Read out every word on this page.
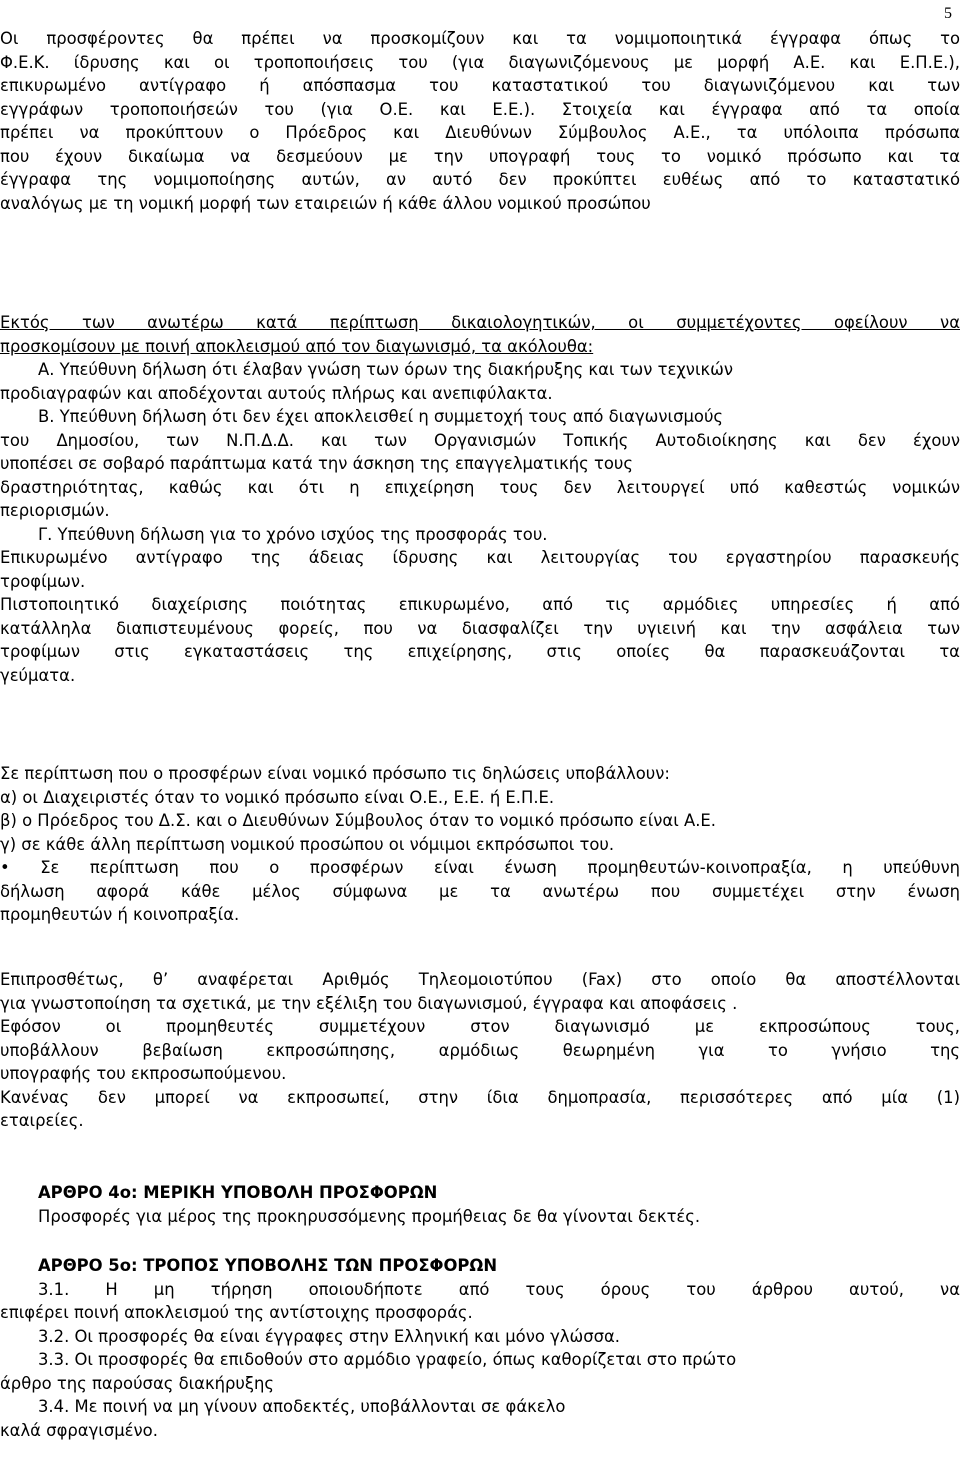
5
Οι προσφέροντες θα πρέπει να προσκομίζουν και τα νομιμοποιητικά έγγραφα όπως το
Φ.Ε.Κ. ίδρυσης και οι τροποποιήσεις του (για διαγωνιζόμενους με μορφή Α.Ε. και Ε.Π.Ε.),
επικυρωμένο αντίγραφο ή απόσπασμα του καταστατικού του διαγωνιζόμενου και των
εγγράφων τροποποιήσεών του (για Ο.Ε. και Ε.Ε.). Στοιχεία και έγγραφα από τα οποία
πρέπει να προκύπτουν ο Πρόεδρος και Διευθύνων Σύμβουλος Α.Ε., τα υπόλοιπα πρόσωπα
που έχουν δικαίωμα να δεσμεύουν με την υπογραφή τους το νομικό πρόσωπο και τα
έγγραφα της νομιμοποίησης αυτών, αν αυτό δεν προκύπτει ευθέως από το καταστατικό
αναλόγως με τη νομική μορφή των εταιρειών ή κάθε άλλου νομικού προσώπου
Εκτός των ανωτέρω κατά περίπτωση δικαιολογητικών, οι συμμετέχοντες οφείλουν να
προσκομίσουν με ποινή αποκλεισμού από τον διαγωνισμό, τα ακόλουθα:
Α. Υπεύθυνη δήλωση ότι έλαβαν γνώση των όρων της διακήρυξης και των τεχνικών
προδιαγραφών και αποδέχονται αυτούς πλήρως και ανεπιφύλακτα.
Β. Υπεύθυνη δήλωση ότι δεν έχει αποκλεισθεί η συμμετοχή τους από διαγωνισμούς
του Δημοσίου, των Ν.Π.Δ.Δ. και των Οργανισμών Τοπικής Αυτοδιοίκησης και δεν έχουν
υποπέσει σε σοβαρό παράπτωμα κατά την άσκηση της επαγγελματικής τους
δραστηριότητας, καθώς και ότι η επιχείρηση τους δεν λειτουργεί υπό καθεστώς νομικών
περιορισμών.
Γ. Υπεύθυνη δήλωση για το χρόνο ισχύος της προσφοράς του.
Επικυρωμένο αντίγραφο της άδειας ίδρυσης και λειτουργίας του εργαστηρίου παρασκευής
τροφίμων.
Πιστοποιητικό διαχείρισης ποιότητας επικυρωμένο, από τις αρμόδιες υπηρεσίες ή από
κατάλληλα διαπιστευμένους φορείς, που να διασφαλίζει την υγιεινή και την ασφάλεια των
τροφίμων στις εγκαταστάσεις της επιχείρησης, στις οποίες θα παρασκευάζονται τα
γεύματα.
Σε περίπτωση που ο προσφέρων είναι νομικό πρόσωπο τις δηλώσεις υποβάλλουν:
α) οι Διαχειριστές όταν το νομικό πρόσωπο είναι Ο.Ε., Ε.Ε. ή Ε.Π.Ε.
β) ο Πρόεδρος του Δ.Σ. και ο Διευθύνων Σύμβουλος όταν το νομικό πρόσωπο είναι Α.Ε.
γ) σε κάθε άλλη περίπτωση νομικού προσώπου οι νόμιμοι εκπρόσωποι του.
• Σε περίπτωση που ο προσφέρων είναι ένωση προμηθευτών-κοινοπραξία, η υπεύθυνη
δήλωση αφορά κάθε μέλος σύμφωνα με τα ανωτέρω που συμμετέχει στην ένωση
προμηθευτών ή κοινοπραξία.
Επιπροσθέτως, θ’ αναφέρεται Αριθμός Τηλεομοιοτύπου (Fax) στο οποίο θα αποστέλλονται
για γνωστοποίηση τα σχετικά, με την εξέλιξη του διαγωνισμού, έγγραφα και αποφάσεις .
Εφόσον οι προμηθευτές συμμετέχουν στον διαγωνισμό με εκπροσώπους τους,
υποβάλλουν βεβαίωση εκπροσώπησης, αρμόδιως θεωρημένη για το γνήσιο της
υπογραφής του εκπροσωπούμενου.
Κανένας δεν μπορεί να εκπροσωπεί, στην ίδια δημοπρασία, περισσότερες από μία (1)
εταιρείες.
ΑΡΘΡΟ 4ο: ΜΕΡΙΚΗ ΥΠΟΒΟΛΗ ΠΡΟΣΦΟΡΩΝ
Προσφορές για μέρος της προκηρυσσόμενης προμήθειας δε θα γίνονται δεκτές.
ΑΡΘΡΟ 5ο: ΤΡΟΠΟΣ ΥΠΟΒΟΛΗΣ ΤΩΝ ΠΡΟΣΦΟΡΩΝ
3.1. Η μη τήρηση οποιουδήποτε από τους όρους του άρθρου αυτού, να
επιφέρει ποινή αποκλεισμού της αντίστοιχης προσφοράς.
3.2. Οι προσφορές θα είναι έγγραφες στην Ελληνική και μόνο γλώσσα.
3.3. Οι προσφορές θα επιδοθούν στο αρμόδιο γραφείο, όπως καθορίζεται στο πρώτο
άρθρο της παρούσας διακήρυξης
3.4. Με ποινή να μη γίνουν αποδεκτές, υποβάλλονται σε φάκελο
καλά σφραγισμένο.
